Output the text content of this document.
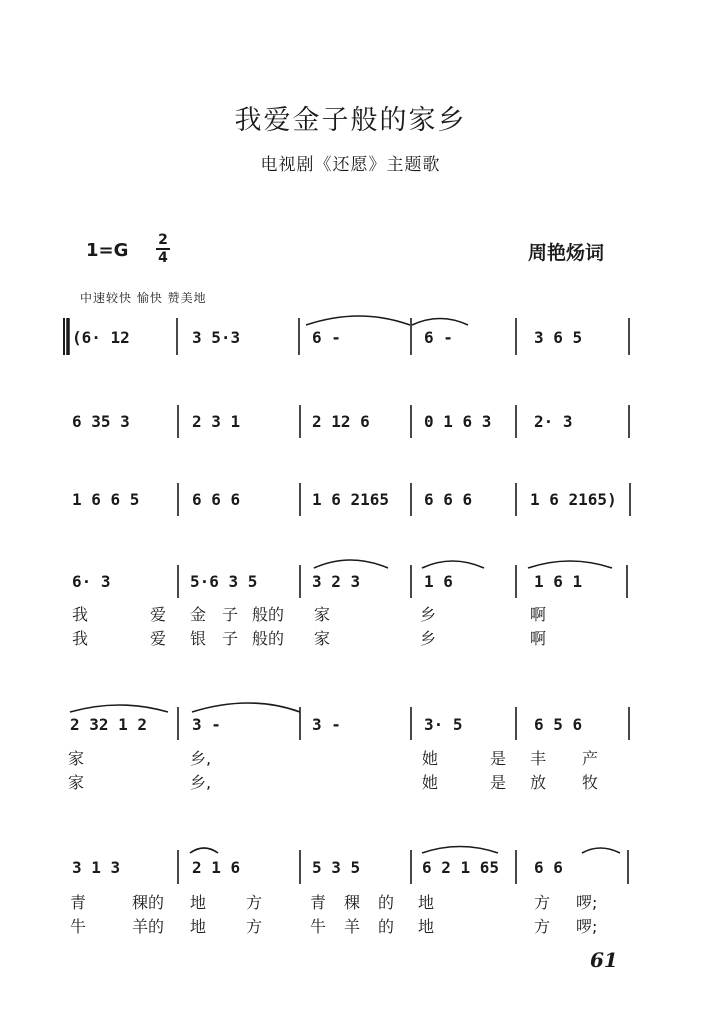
我爱金子般的家乡
电视剧《还愿》主题歌
1=G 2
4	周艳炀词
中速较快 愉快 赞美地
(6· 12	3 5·3	6 -	6 -	3 6 5
6 35 3	2 3 1	2 12 6	0 1 6 3	2· 3
1 6 6 5	6 6 6	1 6 2165 6 6 6	1 6 2165)
6· 3	5·6 3 5	3 2 3	1 6	1 6 1
我	爱 金 子 般的 家	乡	啊
我	爱 银 子 般的 家	乡	啊
2 32 1 2	3 -	3 -	3· 5	6 5 6
家	乡,	她	是 丰 产
家	乡,	她	是 放 牧
3 1 3	2 1 6	5 3 5	6 2 1 65 6 6
青	稞的 地 方	青 稞 的 地	方 啰;
牛	羊的 地 方	牛 羊 的 地	方 啰;
61
